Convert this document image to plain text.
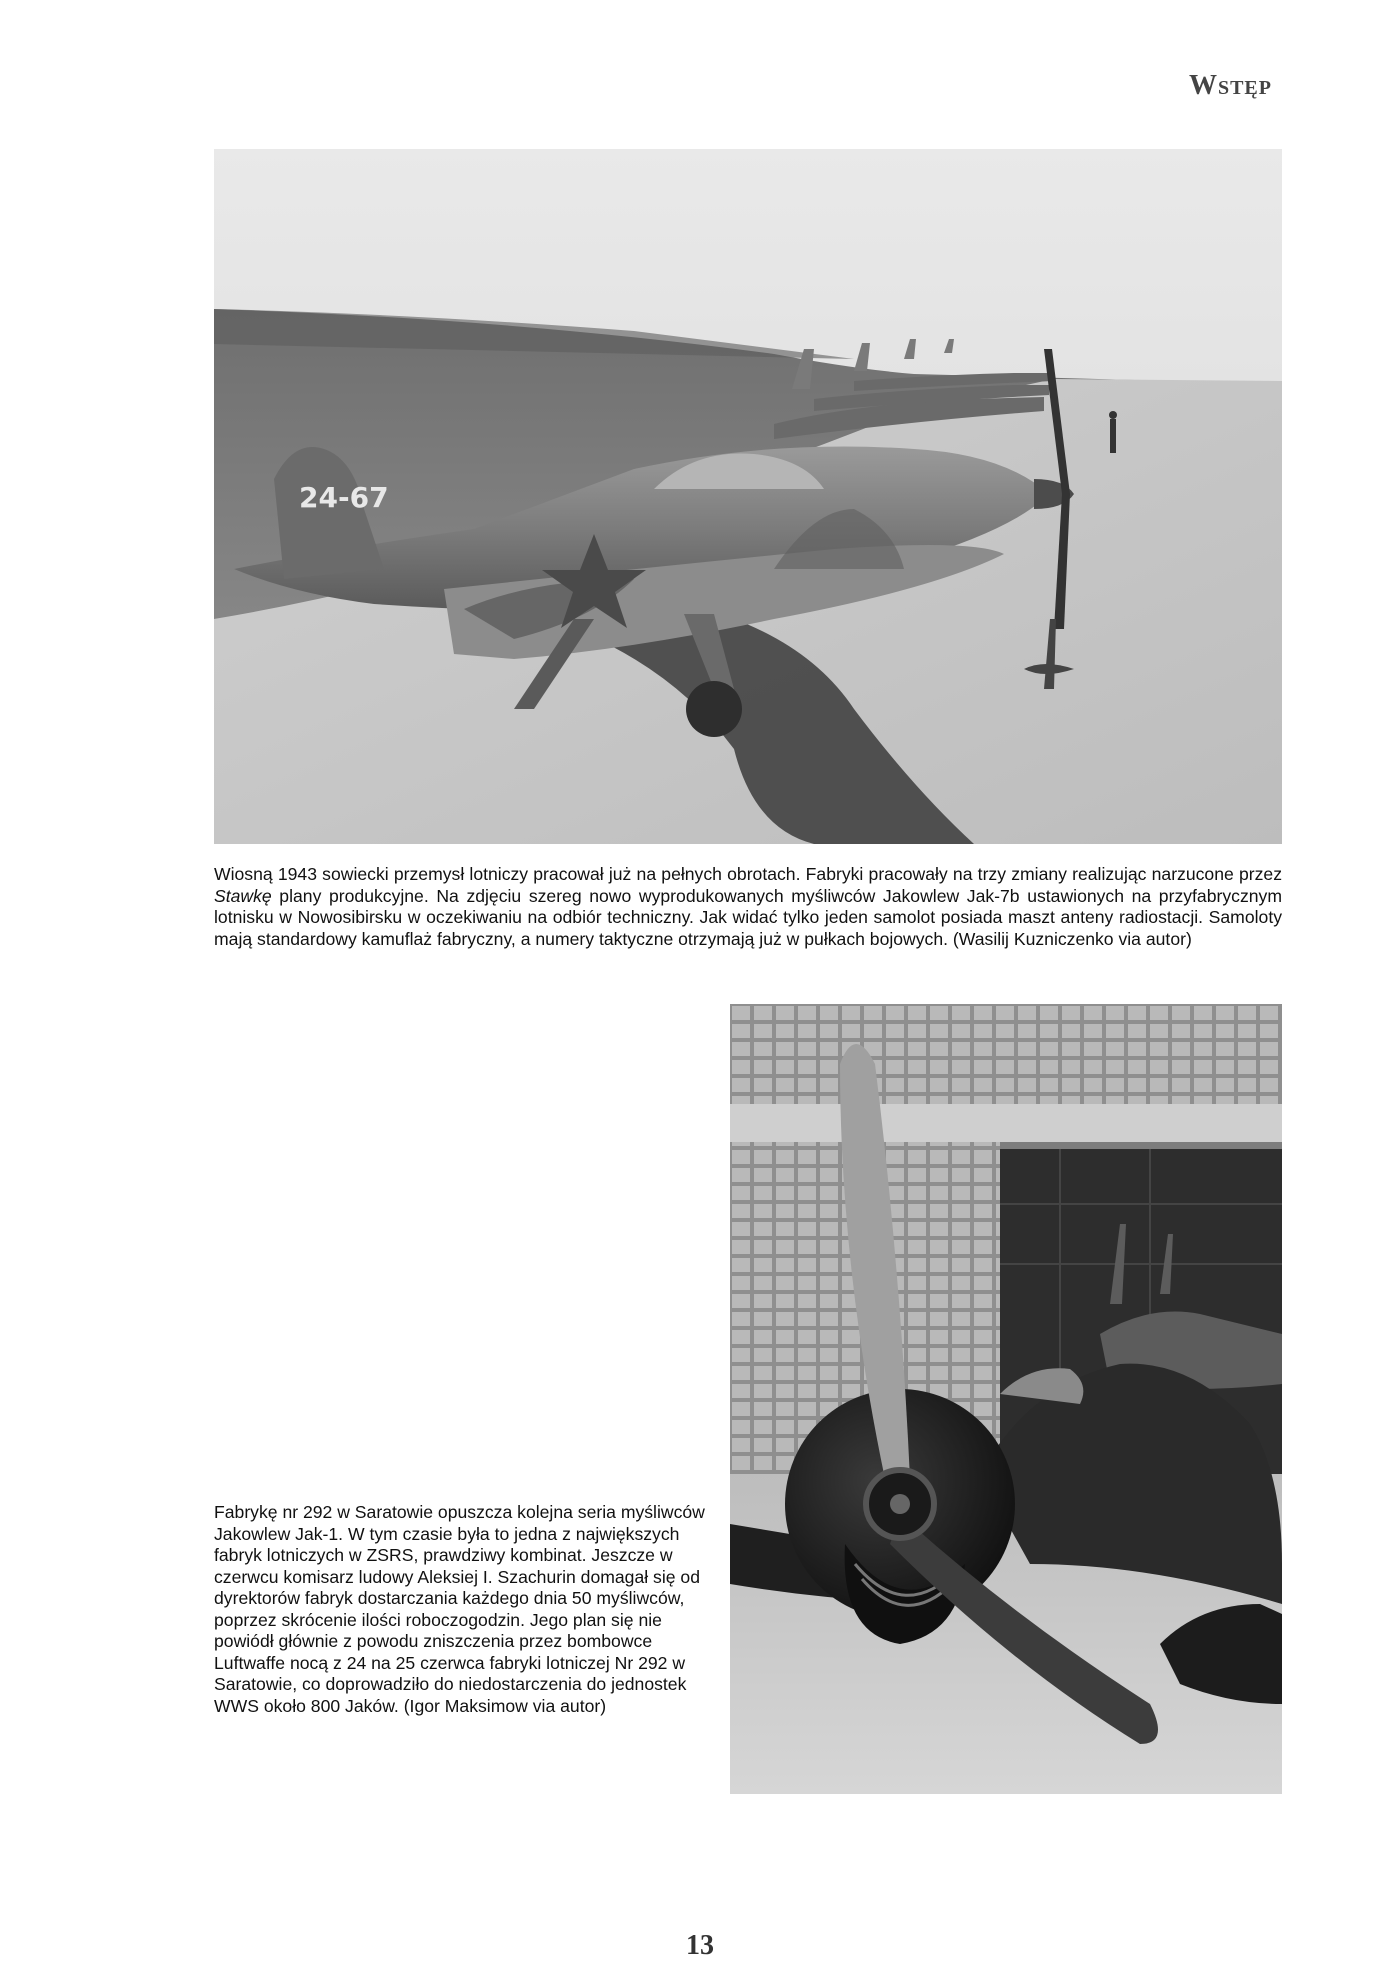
Wstęp
24-67
Wiosną 1943 sowiecki przemysł lotniczy pracował już na pełnych obrotach. Fabryki pracowały na trzy zmiany realizując narzucone przez Stawkę plany produkcyjne. Na zdjęciu szereg nowo wyprodukowanych myśliwców Jakowlew Jak-7b ustawionych na przyfabrycznym lotnisku w Nowosibirsku w oczekiwaniu na odbiór techniczny. Jak widać tylko jeden samolot posiada maszt anteny radiostacji. Samoloty mają standardowy kamuflaż fabryczny, a numery taktyczne otrzymają już w pułkach bojowych. (Wasilij Kuzniczenko via autor)
Fabrykę nr 292 w Saratowie opuszcza kolejna seria myśliwców Jakowlew Jak-1. W tym czasie była to jedna z największych fabryk lotniczych w ZSRS, prawdziwy kombinat. Jeszcze w czerwcu komisarz ludowy Aleksiej I. Szachurin domagał się od dyrektorów fabryk dostarczania każdego dnia 50 myśliwców, poprzez skrócenie ilości roboczogodzin. Jego plan się nie powiódł głównie z powodu zniszczenia przez bombowce Luftwaffe nocą z 24 na 25 czerwca fabryki lotniczej Nr 292 w Saratowie, co doprowadziło do niedostarczenia do jednostek WWS około 800 Jaków. (Igor Maksimow via autor)
13
